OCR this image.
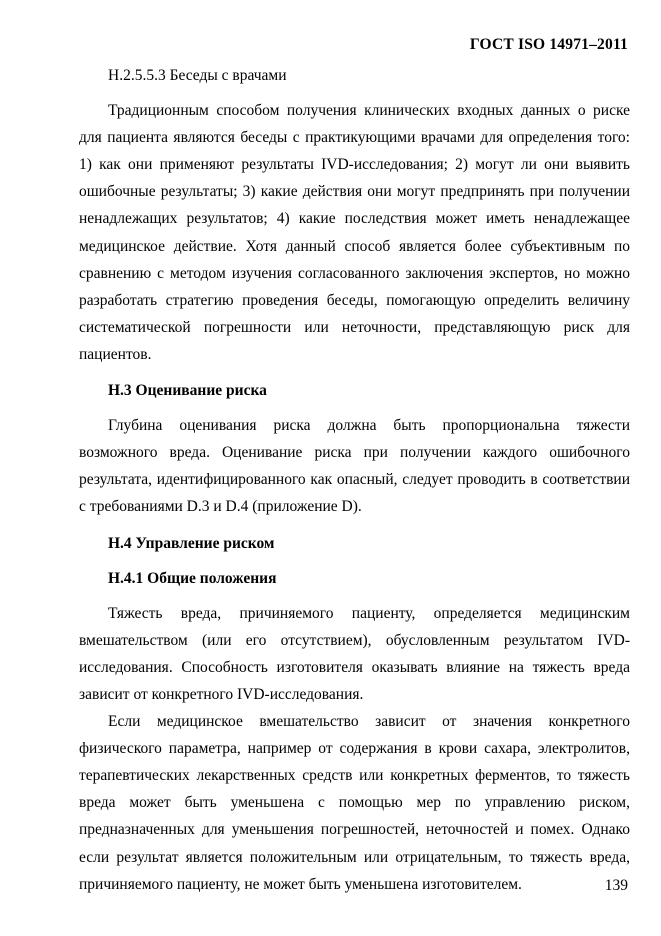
ГОСТ ISO 14971–2011

H.2.5.5.3 Беседы с врачами

Традиционным способом получения клинических входных данных о риске для пациента являются беседы с практикующими врачами для определения того: 1) как они применяют результаты IVD-исследования; 2) могут ли они выявить ошибочные результаты; 3) какие действия они могут предпринять при получении ненадлежащих результатов; 4) какие последствия может иметь ненадлежащее медицинское действие. Хотя данный способ является более субъективным по сравнению с методом изучения согласованного заключения экспертов, но можно разработать стратегию проведения беседы, помогающую определить величину систематической погрешности или неточности, представляющую риск для пациентов.

H.3 Оценивание риска

Глубина оценивания риска должна быть пропорциональна тяжести возможного вреда. Оценивание риска при получении каждого ошибочного результата, идентифицированного как опасный, следует проводить в соответствии с требованиями D.3 и D.4 (приложение D).

H.4 Управление риском

H.4.1 Общие положения

Тяжесть вреда, причиняемого пациенту, определяется медицинским вмешательством (или его отсутствием), обусловленным результатом IVD-исследования. Способность изготовителя оказывать влияние на тяжесть вреда зависит от конкретного IVD-исследования.

Если медицинское вмешательство зависит от значения конкретного физического параметра, например от содержания в крови сахара, электролитов, терапевтических лекарственных средств или конкретных ферментов, то тяжесть вреда может быть уменьшена с помощью мер по управлению риском, предназначенных для уменьшения погрешностей, неточностей и помех. Однако если результат является положительным или отрицательным, то тяжесть вреда, причиняемого пациенту, не может быть уменьшена изготовителем.	139
